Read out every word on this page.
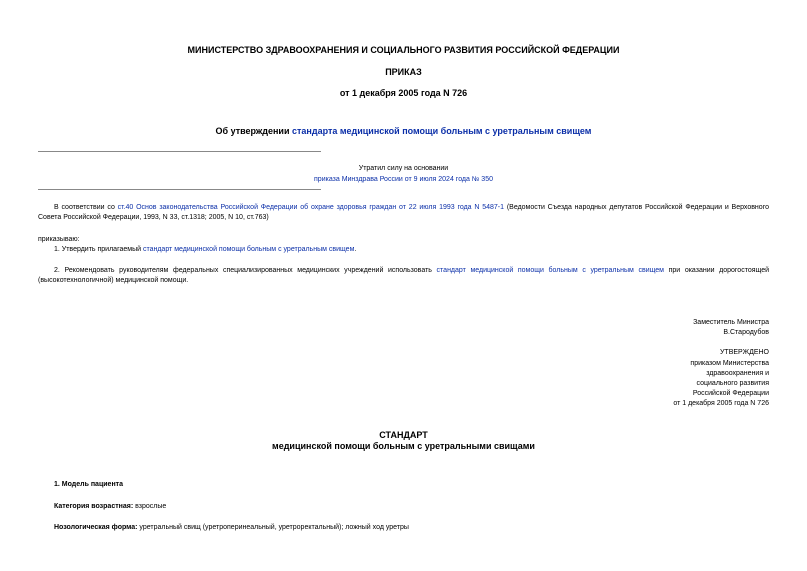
МИНИСТЕРСТВО ЗДРАВООХРАНЕНИЯ И СОЦИАЛЬНОГО РАЗВИТИЯ РОССИЙСКОЙ ФЕДЕРАЦИИ
ПРИКАЗ
от 1 декабря 2005 года N 726
Об утверждении стандарта медицинской помощи больным с уретральным свищем
Утратил силу на основании
приказа Минздрава России от 9 июля 2024 года № 350
В соответствии со ст.40 Основ законодательства Российской Федерации об охране здоровья граждан от 22 июля 1993 года N 5487-1 (Ведомости Съезда народных депутатов Российской Федерации и Верховного Совета Российской Федерации, 1993, N 33, ст.1318; 2005, N 10, ст.763)
приказываю:
1. Утвердить прилагаемый стандарт медицинской помощи больным с уретральным свищем.
2. Рекомендовать руководителям федеральных специализированных медицинских учреждений использовать стандарт медицинской помощи больным с уретральным свищем при оказании дорогостоящей (высокотехнологичной) медицинской помощи.
Заместитель Министра
В.Стародубов
УТВЕРЖДЕНО
приказом Министерства
здравоохранения и
социального развития
Российской Федерации
от 1 декабря 2005 года N 726
СТАНДАРТ
медицинской помощи больным с уретральными свищами
1. Модель пациента
Категория возрастная: взрослые
Нозологическая форма: уретральный свищ (уретроперинеальный, уретроректальный); ложный ход уретры
